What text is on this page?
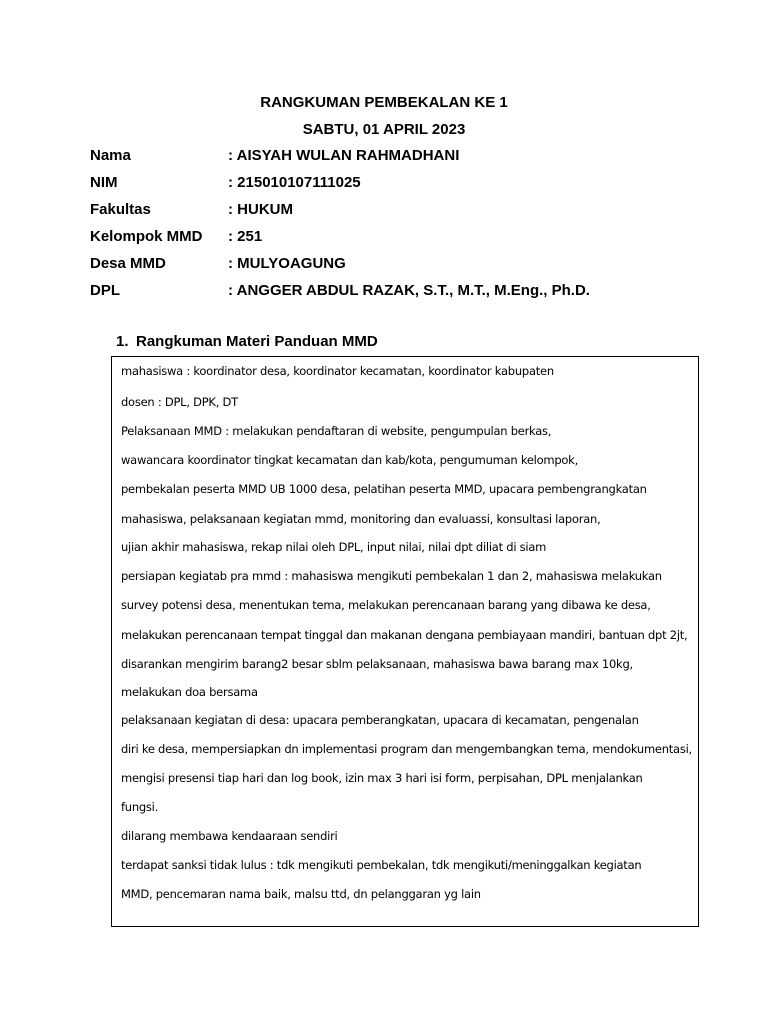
RANGKUMAN PEMBEKALAN KE 1
SABTU, 01 APRIL 2023
Nama	: AISYAH WULAN RAHMADHANI
NIM	: 215010107111025
Fakultas	: HUKUM
Kelompok MMD : 251
Desa MMD	: MULYOAGUNG
DPL	: ANGGER ABDUL RAZAK, S.T., M.T., M.Eng., Ph.D.
1. Rangkuman Materi Panduan MMD
mahasiswa : koordinator desa, koordinator kecamatan, koordinator kabupaten
dosen : DPL, DPK, DT
Pelaksanaan MMD : melakukan pendaftaran di website, pengumpulan berkas,
wawancara koordinator tingkat kecamatan dan kab/kota, pengumuman kelompok,
pembekalan peserta MMD UB 1000 desa, pelatihan peserta MMD, upacara pembengrangkatan
mahasiswa, pelaksanaan kegiatan mmd, monitoring dan evaluassi, konsultasi laporan,
ujian akhir mahasiswa, rekap nilai oleh DPL, input nilai, nilai dpt diliat di siam
persiapan kegiatab pra mmd : mahasiswa mengikuti pembekalan 1 dan 2, mahasiswa melakukan
survey potensi desa, menentukan tema, melakukan perencanaan barang yang dibawa ke desa,
melakukan perencanaan tempat tinggal dan makanan dengana pembiayaan mandiri, bantuan dpt 2jt,
disarankan mengirim barang2 besar sblm pelaksanaan, mahasiswa bawa barang max 10kg,
melakukan doa bersama
pelaksanaan kegiatan di desa: upacara pemberangkatan, upacara di kecamatan, pengenalan
diri ke desa, mempersiapkan dn implementasi program dan mengembangkan tema, mendokumentasi,
mengisi presensi tiap hari dan log book, izin max 3 hari isi form, perpisahan, DPL menjalankan
fungsi.
dilarang membawa kendaaraan sendiri
terdapat sanksi tidak lulus : tdk mengikuti pembekalan, tdk mengikuti/meninggalkan kegiatan
MMD, pencemaran nama baik, malsu ttd, dn pelanggaran yg lain
